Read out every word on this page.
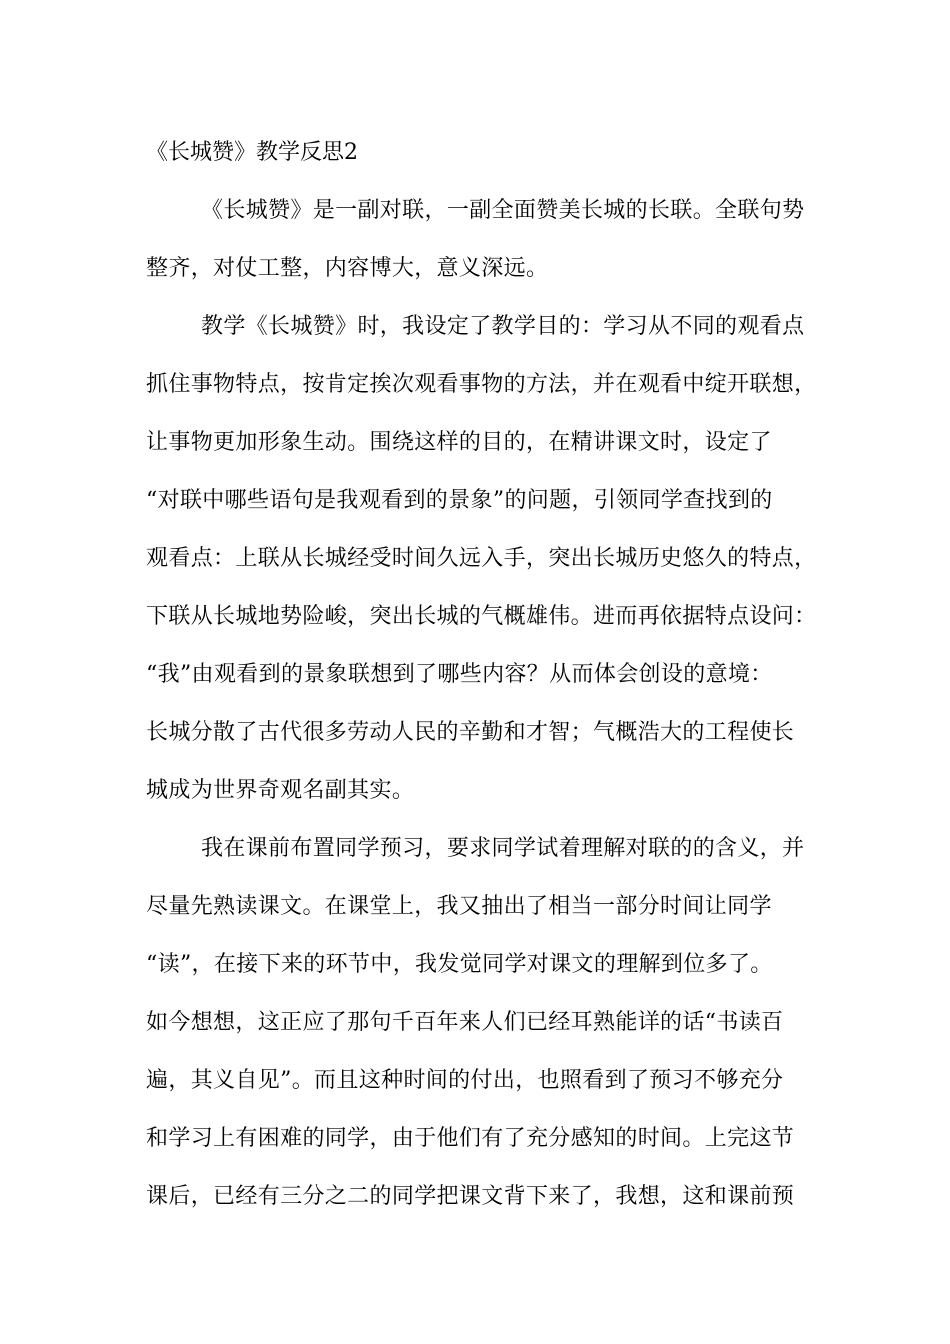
《长城赞》教学反思2
《长城赞》是一副对联，一副全面赞美长城的长联。全联句势
整齐，对仗工整，内容博大，意义深远。
教学《长城赞》时，我设定了教学目的：学习从不同的观看点
抓住事物特点，按肯定挨次观看事物的方法，并在观看中绽开联想，
让事物更加形象生动。围绕这样的目的，在精讲课文时，设定了
“对联中哪些语句是我观看到的景象”的问题，引领同学查找到的
观看点：上联从长城经受时间久远入手，突出长城历史悠久的特点，
下联从长城地势险峻，突出长城的气概雄伟。进而再依据特点设问：
“我”由观看到的景象联想到了哪些内容？从而体会创设的意境：
长城分散了古代很多劳动人民的辛勤和才智；气概浩大的工程使长
城成为世界奇观名副其实。
我在课前布置同学预习，要求同学试着理解对联的的含义，并
尽量先熟读课文。在课堂上，我又抽出了相当一部分时间让同学
“读”，在接下来的环节中，我发觉同学对课文的理解到位多了。
如今想想，这正应了那句千百年来人们已经耳熟能详的话“书读百
遍，其义自见”。而且这种时间的付出，也照看到了预习不够充分
和学习上有困难的同学，由于他们有了充分感知的时间。上完这节
课后，已经有三分之二的同学把课文背下来了，我想，这和课前预
